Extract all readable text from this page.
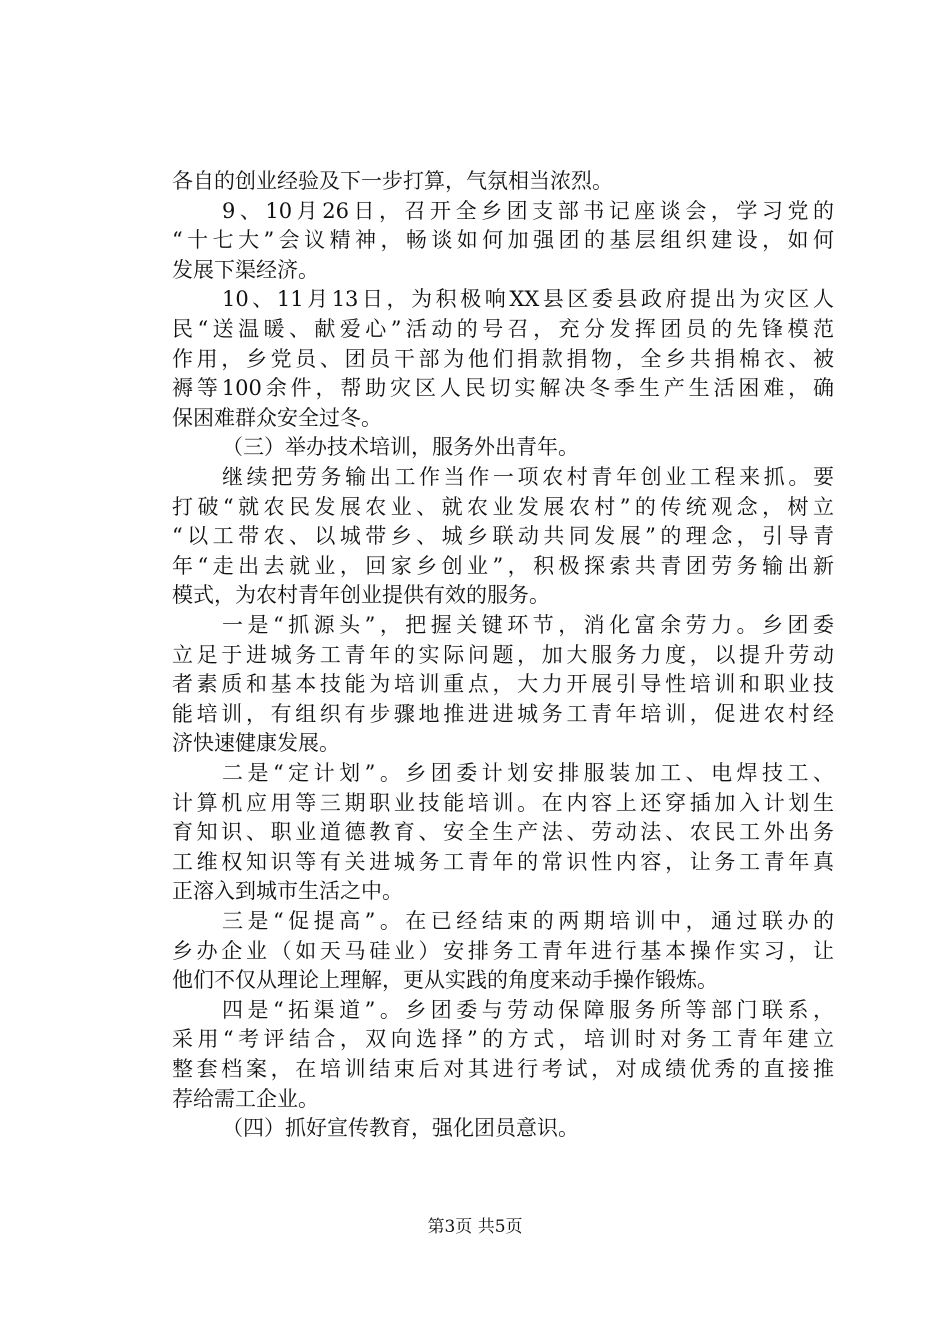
各自的创业经验及下一步打算，气氛相当浓烈。
9、10月26日，召开全乡团支部书记座谈会，学习党的
“十七大”会议精神，畅谈如何加强团的基层组织建设，如何
发展下渠经济。
10、11月13日，为积极响XX县区委县政府提出为灾区人
民“送温暖、献爱心”活动的号召，充分发挥团员的先锋模范
作用，乡党员、团员干部为他们捐款捐物，全乡共捐棉衣、被
褥等100余件，帮助灾区人民切实解决冬季生产生活困难，确
保困难群众安全过冬。
（三）举办技术培训，服务外出青年。
继续把劳务输出工作当作一项农村青年创业工程来抓。要
打破“就农民发展农业、就农业发展农村”的传统观念，树立
“以工带农、以城带乡、城乡联动共同发展”的理念，引导青
年“走出去就业，回家乡创业”，积极探索共青团劳务输出新
模式，为农村青年创业提供有效的服务。
一是“抓源头”，把握关键环节，消化富余劳力。乡团委
立足于进城务工青年的实际问题，加大服务力度，以提升劳动
者素质和基本技能为培训重点，大力开展引导性培训和职业技
能培训，有组织有步骤地推进进城务工青年培训，促进农村经
济快速健康发展。
二是“定计划”。乡团委计划安排服装加工、电焊技工、
计算机应用等三期职业技能培训。在内容上还穿插加入计划生
育知识、职业道德教育、安全生产法、劳动法、农民工外出务
工维权知识等有关进城务工青年的常识性内容，让务工青年真
正溶入到城市生活之中。
三是“促提高”。在已经结束的两期培训中，通过联办的
乡办企业（如天马硅业）安排务工青年进行基本操作实习，让
他们不仅从理论上理解，更从实践的角度来动手操作锻炼。
四是“拓渠道”。乡团委与劳动保障服务所等部门联系，
采用“考评结合，双向选择”的方式，培训时对务工青年建立
整套档案，在培训结束后对其进行考试，对成绩优秀的直接推
荐给需工企业。
（四）抓好宣传教育，强化团员意识。
第3页 共5页
